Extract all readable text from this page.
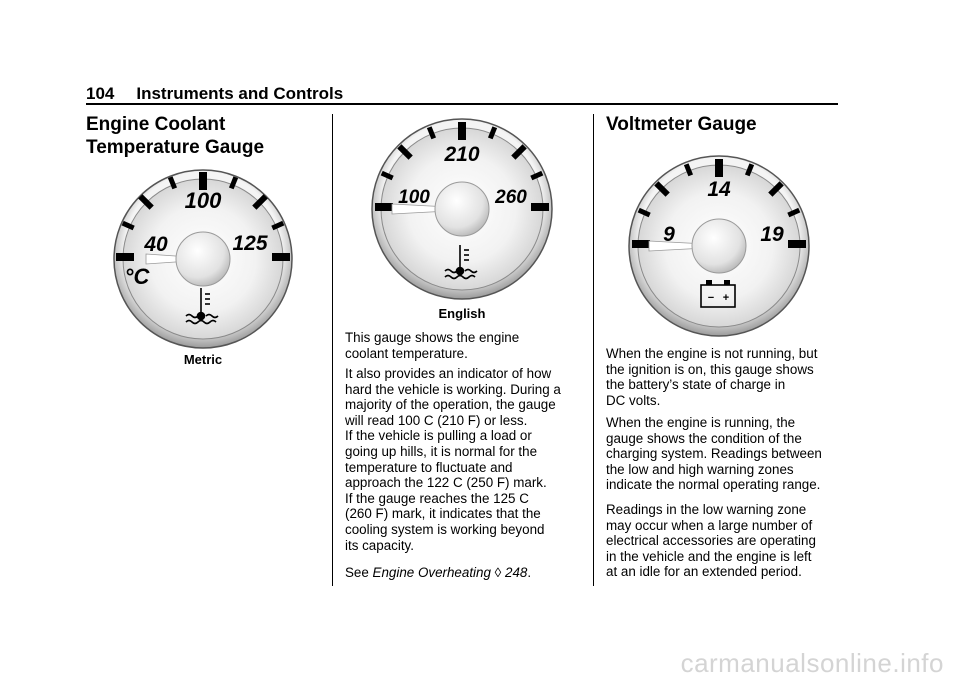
104 Instruments and Controls
Engine Coolant
Temperature Gauge
100
40	125
°C
Metric
210
100	260
English
This gauge shows the engine
coolant temperature.
It also provides an indicator of how
hard the vehicle is working. During a
majority of the operation, the gauge
will read 100 C (210 F) or less.
If the vehicle is pulling a load or
going up hills, it is normal for the
temperature to fluctuate and
approach the 122 C (250 F) mark.
If the gauge reaches the 125 C
(260 F) mark, it indicates that the
cooling system is working beyond
its capacity.
See Engine Overheating ◊ 248.
Voltmeter Gauge
14
9	19
− +
When the engine is not running, but
the ignition is on, this gauge shows
the battery’s state of charge in
DC volts.
When the engine is running, the
gauge shows the condition of the
charging system. Readings between
the low and high warning zones
indicate the normal operating range.
Readings in the low warning zone
may occur when a large number of
electrical accessories are operating
in the vehicle and the engine is left
at an idle for an extended period.
carmanualsonline.info
